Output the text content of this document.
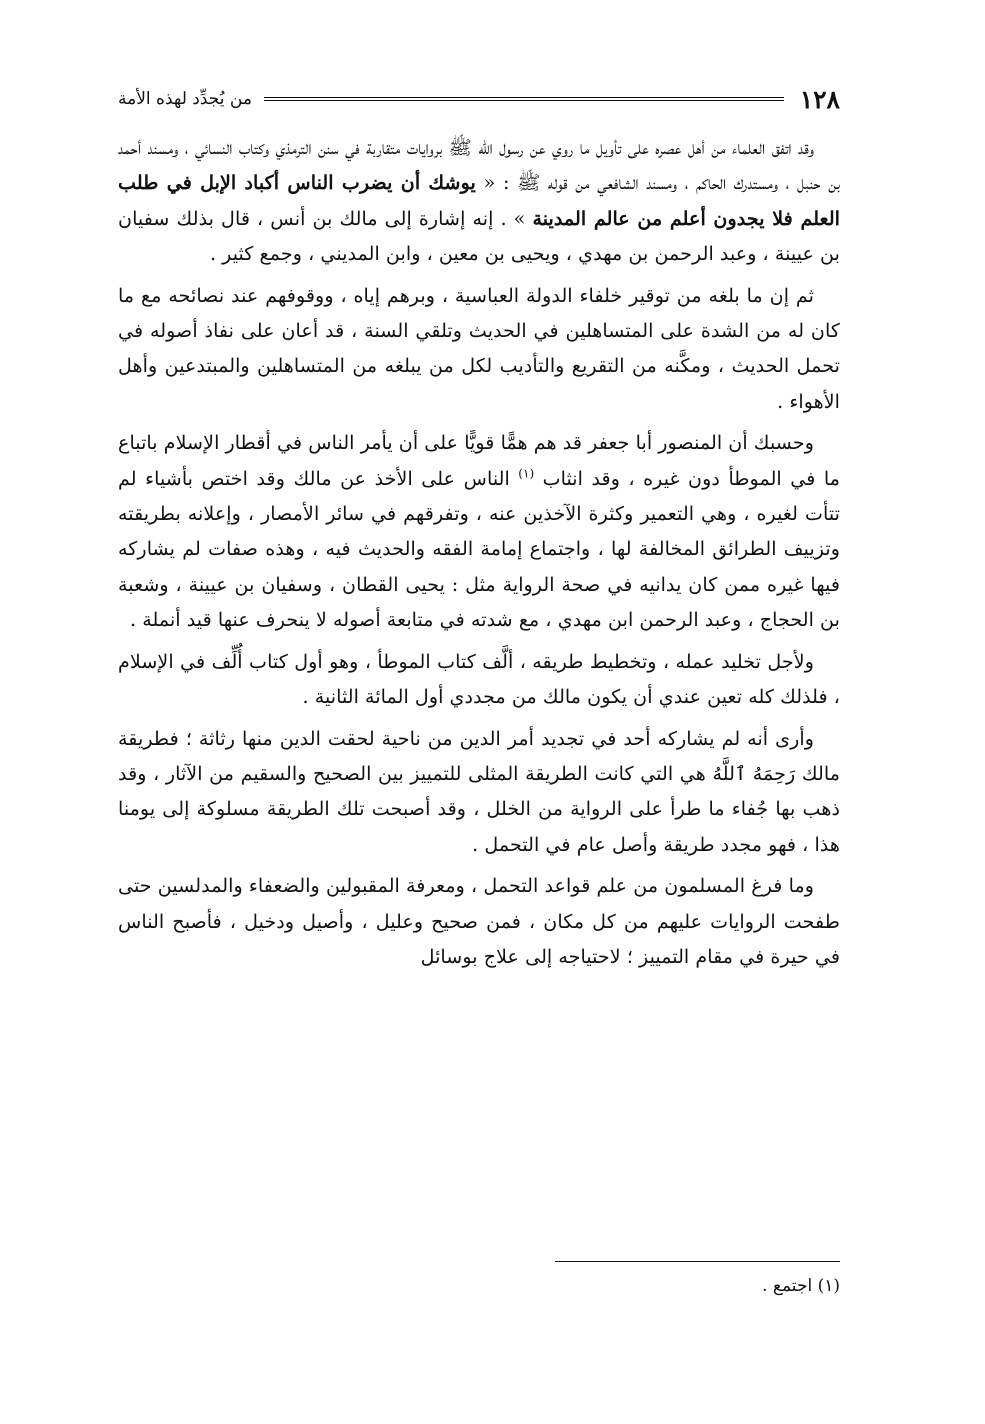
١٢٨
من يُجدِّد لهذه الأمة

وقد اتفق العلماء من أهل عصره على تأويل ما روي عن رسول الله ﷺ بروايات متقاربة في سنن الترمذي وكتاب النسائي ، ومسند أحمد بن حنبل ، ومستدرك الحاكم ، ومسند الشافعي من قوله ﷺ : « يوشك أن يضرب الناس أكباد الإبل في طلب العلم فلا يجدون أعلم من عالم المدينة » . إنه إشارة إلى مالك بن أنس ، قال بذلك سفيان بن عيينة ، وعبد الرحمن بن مهدي ، ويحيى بن معين ، وابن المديني ، وجمع كثير .

ثم إن ما بلغه من توقير خلفاء الدولة العباسية ، وبرهم إياه ، ووقوفهم عند نصائحه مع ما كان له من الشدة على المتساهلين في الحديث وتلقي السنة ، قد أعان على نفاذ أصوله في تحمل الحديث ، ومكَّنه من التقريع والتأديب لكل من يبلغه من المتساهلين والمبتدعين وأهل الأهواء .

وحسبك أن المنصور أبا جعفر قد هم همًّا قويًّا على أن يأمر الناس في أقطار الإسلام باتباع ما في الموطأ دون غيره ، وقد انثاب $^{(١)}$ الناس على الأخذ عن مالك وقد اختص بأشياء لم تتأت لغيره ، وهي التعمير وكثرة الآخذين عنه ، وتفرقهم في سائر الأمصار ، وإعلانه بطريقته وتزييف الطرائق المخالفة لها ، واجتماع إمامة الفقه والحديث فيه ، وهذه صفات لم يشاركه فيها غيره ممن كان يدانيه في صحة الرواية مثل : يحيى القطان ، وسفيان بن عيينة ، وشعبة بن الحجاج ، وعبد الرحمن ابن مهدي ، مع شدته في متابعة أصوله لا ينحرف عنها قيد أنملة .

ولأجل تخليد عمله ، وتخطيط طريقه ، ألَّف كتاب الموطأ ، وهو أول كتاب أُلِّف في الإسلام ، فلذلك كله تعين عندي أن يكون مالك من مجددي أول المائة الثانية .

وأرى أنه لم يشاركه أحد في تجديد أمر الدين من ناحية لحقت الدين منها رثاثة ؛ فطريقة مالك رَحِمَهُ ٱللَّهُ هي التي كانت الطريقة المثلى للتمييز بين الصحيح والسقيم من الآثار ، وقد ذهب بها جُفاء ما طرأ على الرواية من الخلل ، وقد أصبحت تلك الطريقة مسلوكة إلى يومنا هذا ، فهو مجدد طريقة وأصل عام في التحمل .

وما فرغ المسلمون من علم قواعد التحمل ، ومعرفة المقبولين والضعفاء والمدلسين حتى طفحت الروايات عليهم من كل مكان ، فمن صحيح وعليل ، وأصيل ودخيل ، فأصبح الناس في حيرة في مقام التمييز ؛ لاحتياجه إلى علاج بوسائل

(١) اجتمع .
